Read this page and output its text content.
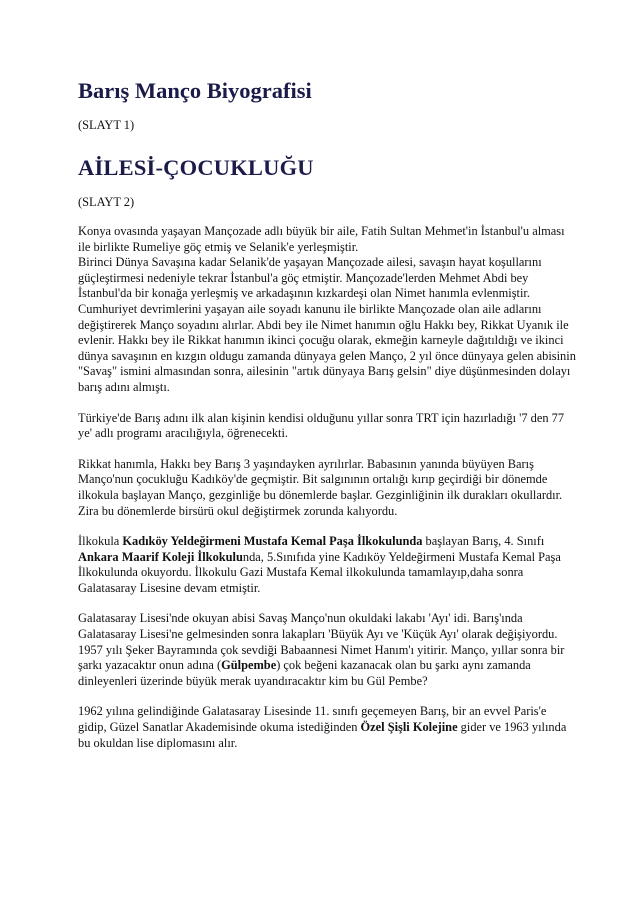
Barış Manço Biyografisi
(SLAYT 1)
AİLESİ-ÇOCUKLUĞU
(SLAYT 2)

Konya ovasında yaşayan Mançozade adlı büyük bir aile, Fatih Sultan Mehmet'in İstanbul'u alması ile birlikte Rumeliye göç etmiş ve Selanik'e yerleşmiştir.
Birinci Dünya Savaşına kadar Selanik'de yaşayan Mançozade ailesi, savaşın hayat koşullarını güçleştirmesi nedeniyle tekrar İstanbul'a göç etmiştir. Mançozade'lerden Mehmet Abdi bey İstanbul'da bir konağa yerleşmiş ve arkadaşının kızkardeşi olan Nimet hanımla evlenmiştir.
Cumhuriyet devrimlerini yaşayan aile soyadı kanunu ile birlikte Mançozade olan aile adlarını değiştirerek Manço soyadını alırlar. Abdi bey ile Nimet hanımın oğlu Hakkı bey, Rikkat Uyanık ile evlenir. Hakkı bey ile Rikkat hanımın ikinci çocuğu olarak, ekmeğin karneyle dağıtıldığı ve ikinci dünya savaşının en kızgın oldugu zamanda dünyaya gelen Manço, 2 yıl önce dünyaya gelen abisinin "Savaş" ismini almasından sonra, ailesinin "artık dünyaya Barış gelsin" diye düşünmesinden dolayı barış adını almıştı.

Türkiye'de Barış adını ilk alan kişinin kendisi olduğunu yıllar sonra TRT için hazırladığı '7 den 77 ye' adlı programı aracılığıyla, öğrenecekti.

Rikkat hanımla, Hakkı bey Barış 3 yaşındayken ayrılırlar. Babasının yanında büyüyen Barış Manço'nun çocukluğu Kadıköy'de geçmiştir. Bit salgınının ortalığı kırıp geçirdiği bir dönemde ilkokula başlayan Manço, gezginliğe bu dönemlerde başlar. Gezginliğinin ilk durakları okullardır. Zira bu dönemlerde birsürü okul değiştirmek zorunda kalıyordu.

İlkokula Kadıköy Yeldeğirmeni Mustafa Kemal Paşa İlkokulunda başlayan Barış, 4. Sınıfı Ankara Maarif Koleji İlkokulunda, 5.Sınıfıda yine Kadıköy Yeldeğirmeni Mustafa Kemal Paşa İlkokulunda okuyordu. İlkokulu Gazi Mustafa Kemal ilkokulunda tamamlayıp,daha sonra Galatasaray Lisesine devam etmiştir.

Galatasaray Lisesi'nde okuyan abisi Savaş Manço'nun okuldaki lakabı 'Ayı' idi. Barış'ında Galatasaray Lisesi'ne gelmesinden sonra lakapları 'Büyük Ayı ve 'Küçük Ayı' olarak değişiyordu. 1957 yılı Şeker Bayramında çok sevdiği Babaannesi Nimet Hanım'ı yitirir. Manço, yıllar sonra bir şarkı yazacaktır onun adına (Gülpembe) çok beğeni kazanacak olan bu şarkı aynı zamanda dinleyenleri üzerinde büyük merak uyandıracaktır kim bu Gül Pembe?

1962 yılına gelindiğinde Galatasaray Lisesinde 11. sınıfı geçemeyen Barış, bir an evvel Paris'e gidip, Güzel Sanatlar Akademisinde okuma istediğinden Özel Şişli Kolejine gider ve 1963 yılında bu okuldan lise diplomasını alır.
